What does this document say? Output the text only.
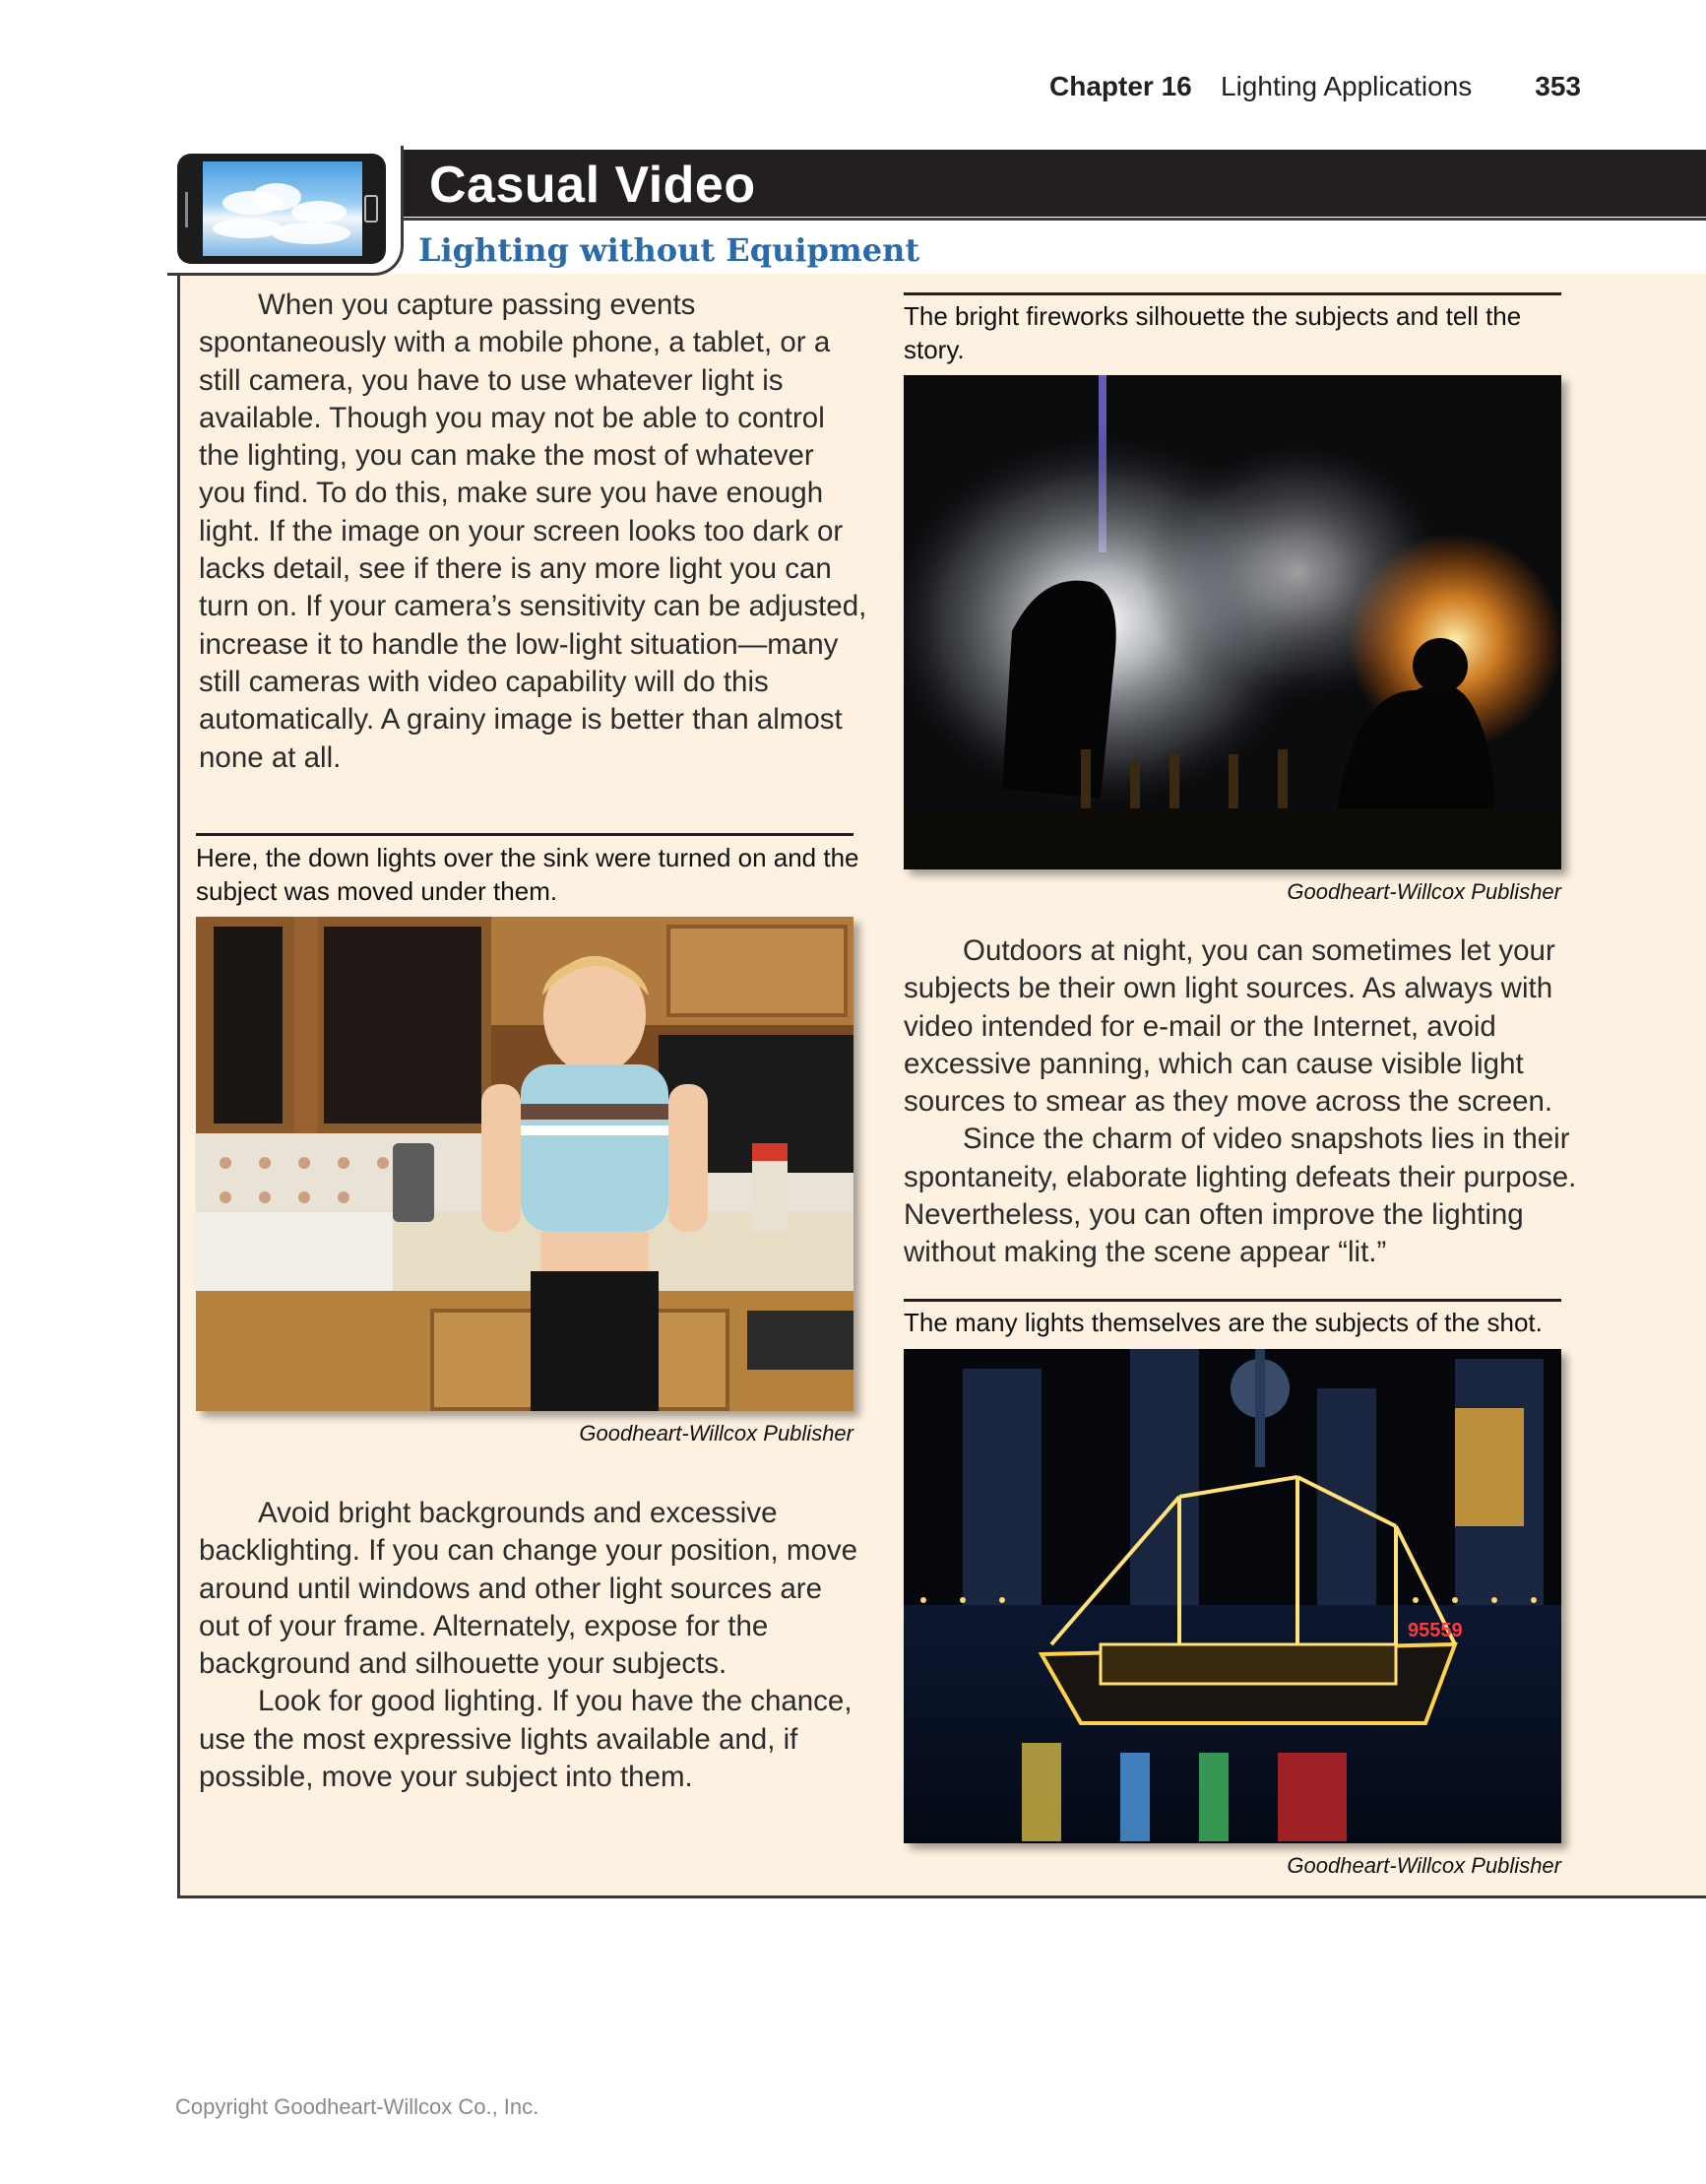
Chapter 16 Lighting Applications 353
Casual Video
Lighting without Equipment

When you capture passing events spontaneously with a mobile phone, a tablet, or a still camera, you have to use whatever light is available. Though you may not be able to control the lighting, you can make the most of whatever you find. To do this, make sure you have enough light. If the image on your screen looks too dark or lacks detail, see if there is any more light you can turn on. If your camera’s sensitivity can be adjusted, increase it to handle the low-light situation—many still cameras with video capability will do this automatically. A grainy image is better than almost none at all.

Here, the down lights over the sink were turned on and the subject was moved under them.
Goodheart-Willcox Publisher

Avoid bright backgrounds and excessive backlighting. If you can change your position, move around until windows and other light sources are out of your frame. Alternately, expose for the background and silhouette your subjects.

Look for good lighting. If you have the chance, use the most expressive lights available and, if possible, move your subject into them.

The bright fireworks silhouette the subjects and tell the story.
Goodheart-Willcox Publisher

Outdoors at night, you can sometimes let your subjects be their own light sources. As always with video intended for e-mail or the Internet, avoid excessive panning, which can cause visible light sources to smear as they move across the screen.

Since the charm of video snapshots lies in their spontaneity, elaborate lighting defeats their purpose. Nevertheless, you can often improve the lighting without making the scene appear “lit.”

The many lights themselves are the subjects of the shot.
95559
Goodheart-Willcox Publisher
Copyright Goodheart-Willcox Co., Inc.
